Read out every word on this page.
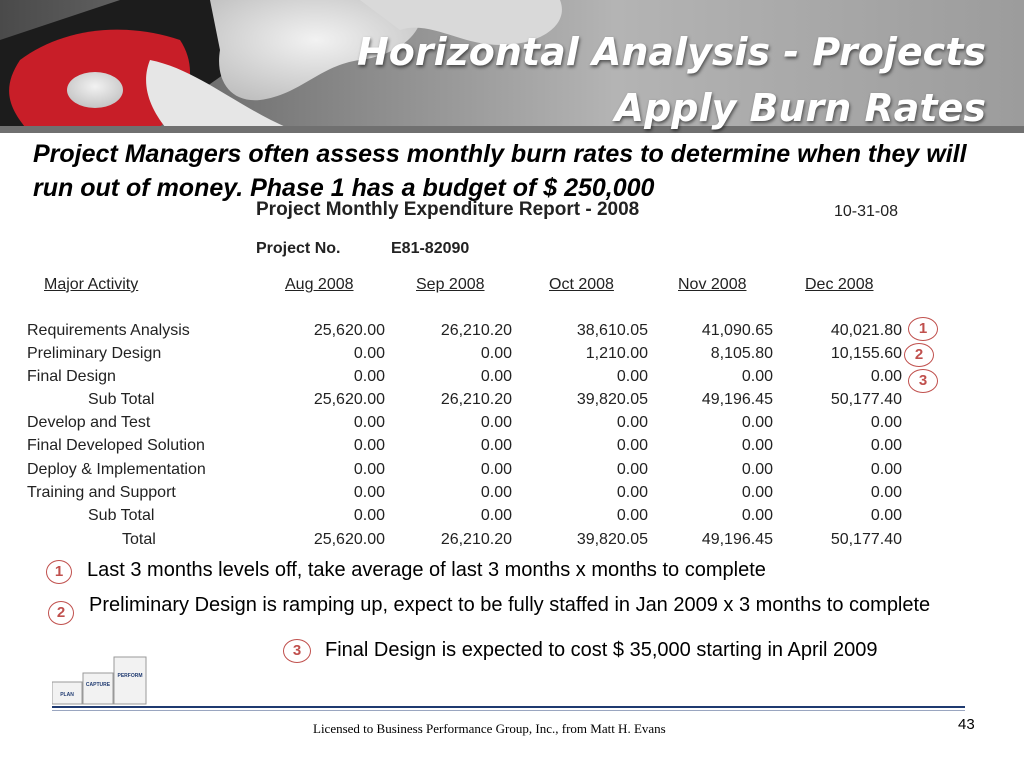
Horizontal Analysis - Projects
Apply Burn Rates
Project Managers often assess monthly burn rates to determine when they will run out of money. Phase 1 has a budget of $ 250,000
Project Monthly Expenditure Report - 2008	10-31-08
Project No.	E81-82090
Major Activity	Aug 2008	Sep 2008	Oct 2008	Nov 2008	Dec 2008
Requirements Analysis	25,620.00	26,210.20	38,610.05	41,090.65	40,021.80
Preliminary Design	0.00	0.00	1,210.00	8,105.80	10,155.60
Final Design	0.00	0.00	0.00	0.00	0.00
Sub Total	25,620.00	26,210.20	39,820.05	49,196.45	50,177.40
Develop and Test	0.00	0.00	0.00	0.00	0.00
Final Developed Solution	0.00	0.00	0.00	0.00	0.00
Deploy & Implementation	0.00	0.00	0.00	0.00	0.00
Training and Support	0.00	0.00	0.00	0.00	0.00
Sub Total	0.00	0.00	0.00	0.00	0.00
Total	25,620.00	26,210.20	39,820.05	49,196.45	50,177.40
1
2
3
1	Last 3 months levels off, take average of last 3 months x months to complete
2	Preliminary Design is ramping up, expect to be fully staffed in Jan 2009 x 3 months to complete
3	Final Design is expected to cost $ 35,000 starting in April 2009
PLAN
CAPTURE
PERFORM
Licensed to Business Performance Group, Inc., from Matt H. Evans	43
